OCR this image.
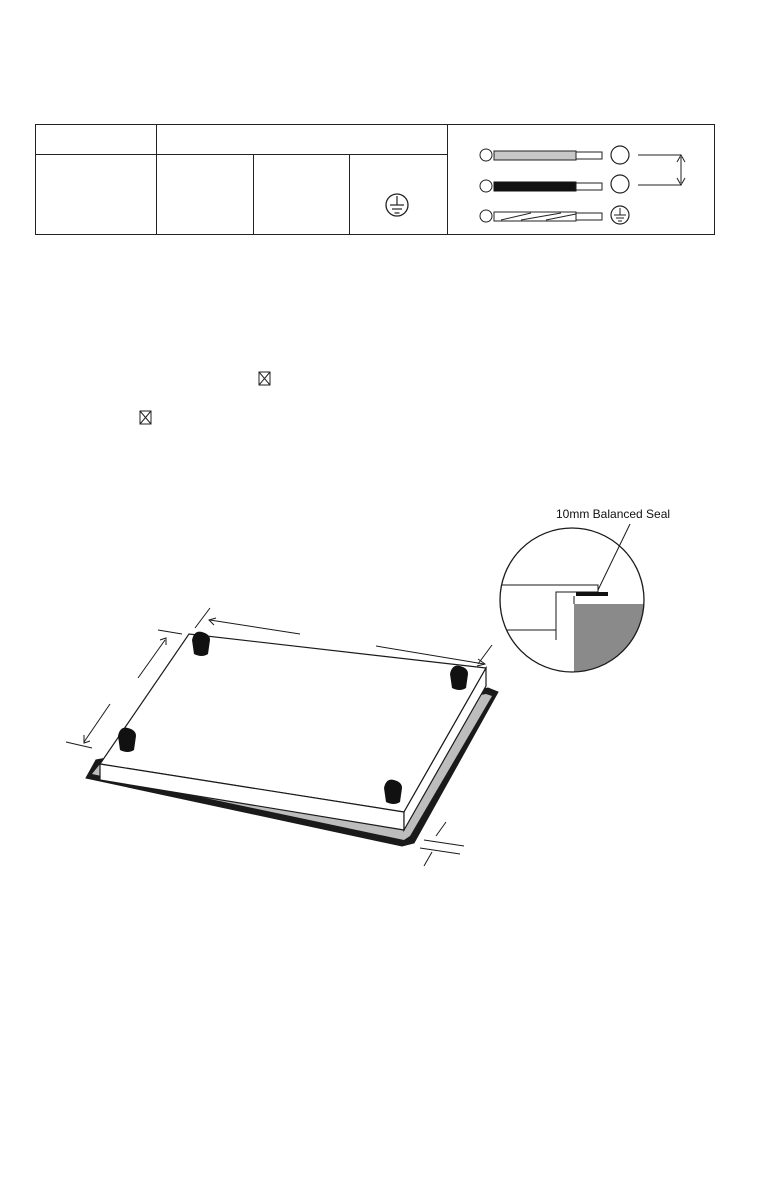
10mm Balanced Seal
